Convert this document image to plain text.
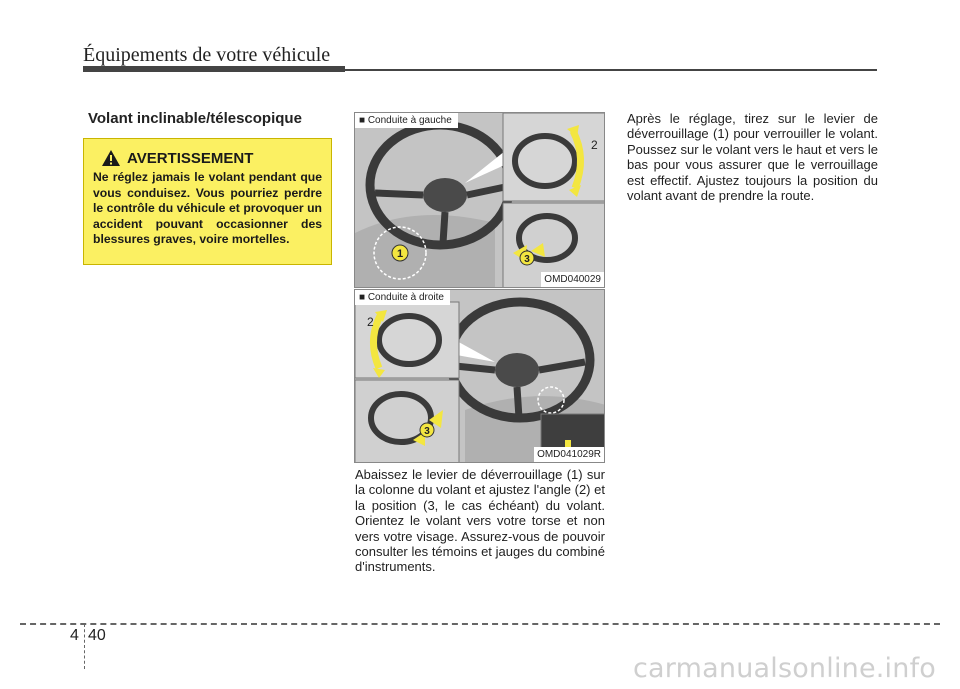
Équipements de votre véhicule
Volant inclinable/télescopique
AVERTISSEMENT
Ne réglez jamais le volant pendant que vous conduisez. Vous pourriez perdre le contrôle du véhicule et provoquer un accident pouvant occasionner des blessures graves, voire mortelles.
1
2
3
■ Conduite à gauche
OMD040029
2
3
■ Conduite à droite
OMD041029R
Abaissez le levier de déverrouillage (1) sur la colonne du volant et ajustez l'angle (2) et la position (3, le cas échéant) du volant. Orientez le volant vers votre torse et non vers votre visage. Assurez-vous de pouvoir consulter les témoins et jauges du combiné d'instruments.
Après le réglage, tirez sur le levier de déverrouillage (1) pour verrouiller le volant. Poussez sur le volant vers le haut et vers le bas pour vous assurer que le verrouillage est effectif. Ajustez toujours la position du volant avant de prendre la route.
4 40
carmanualsonline.info
